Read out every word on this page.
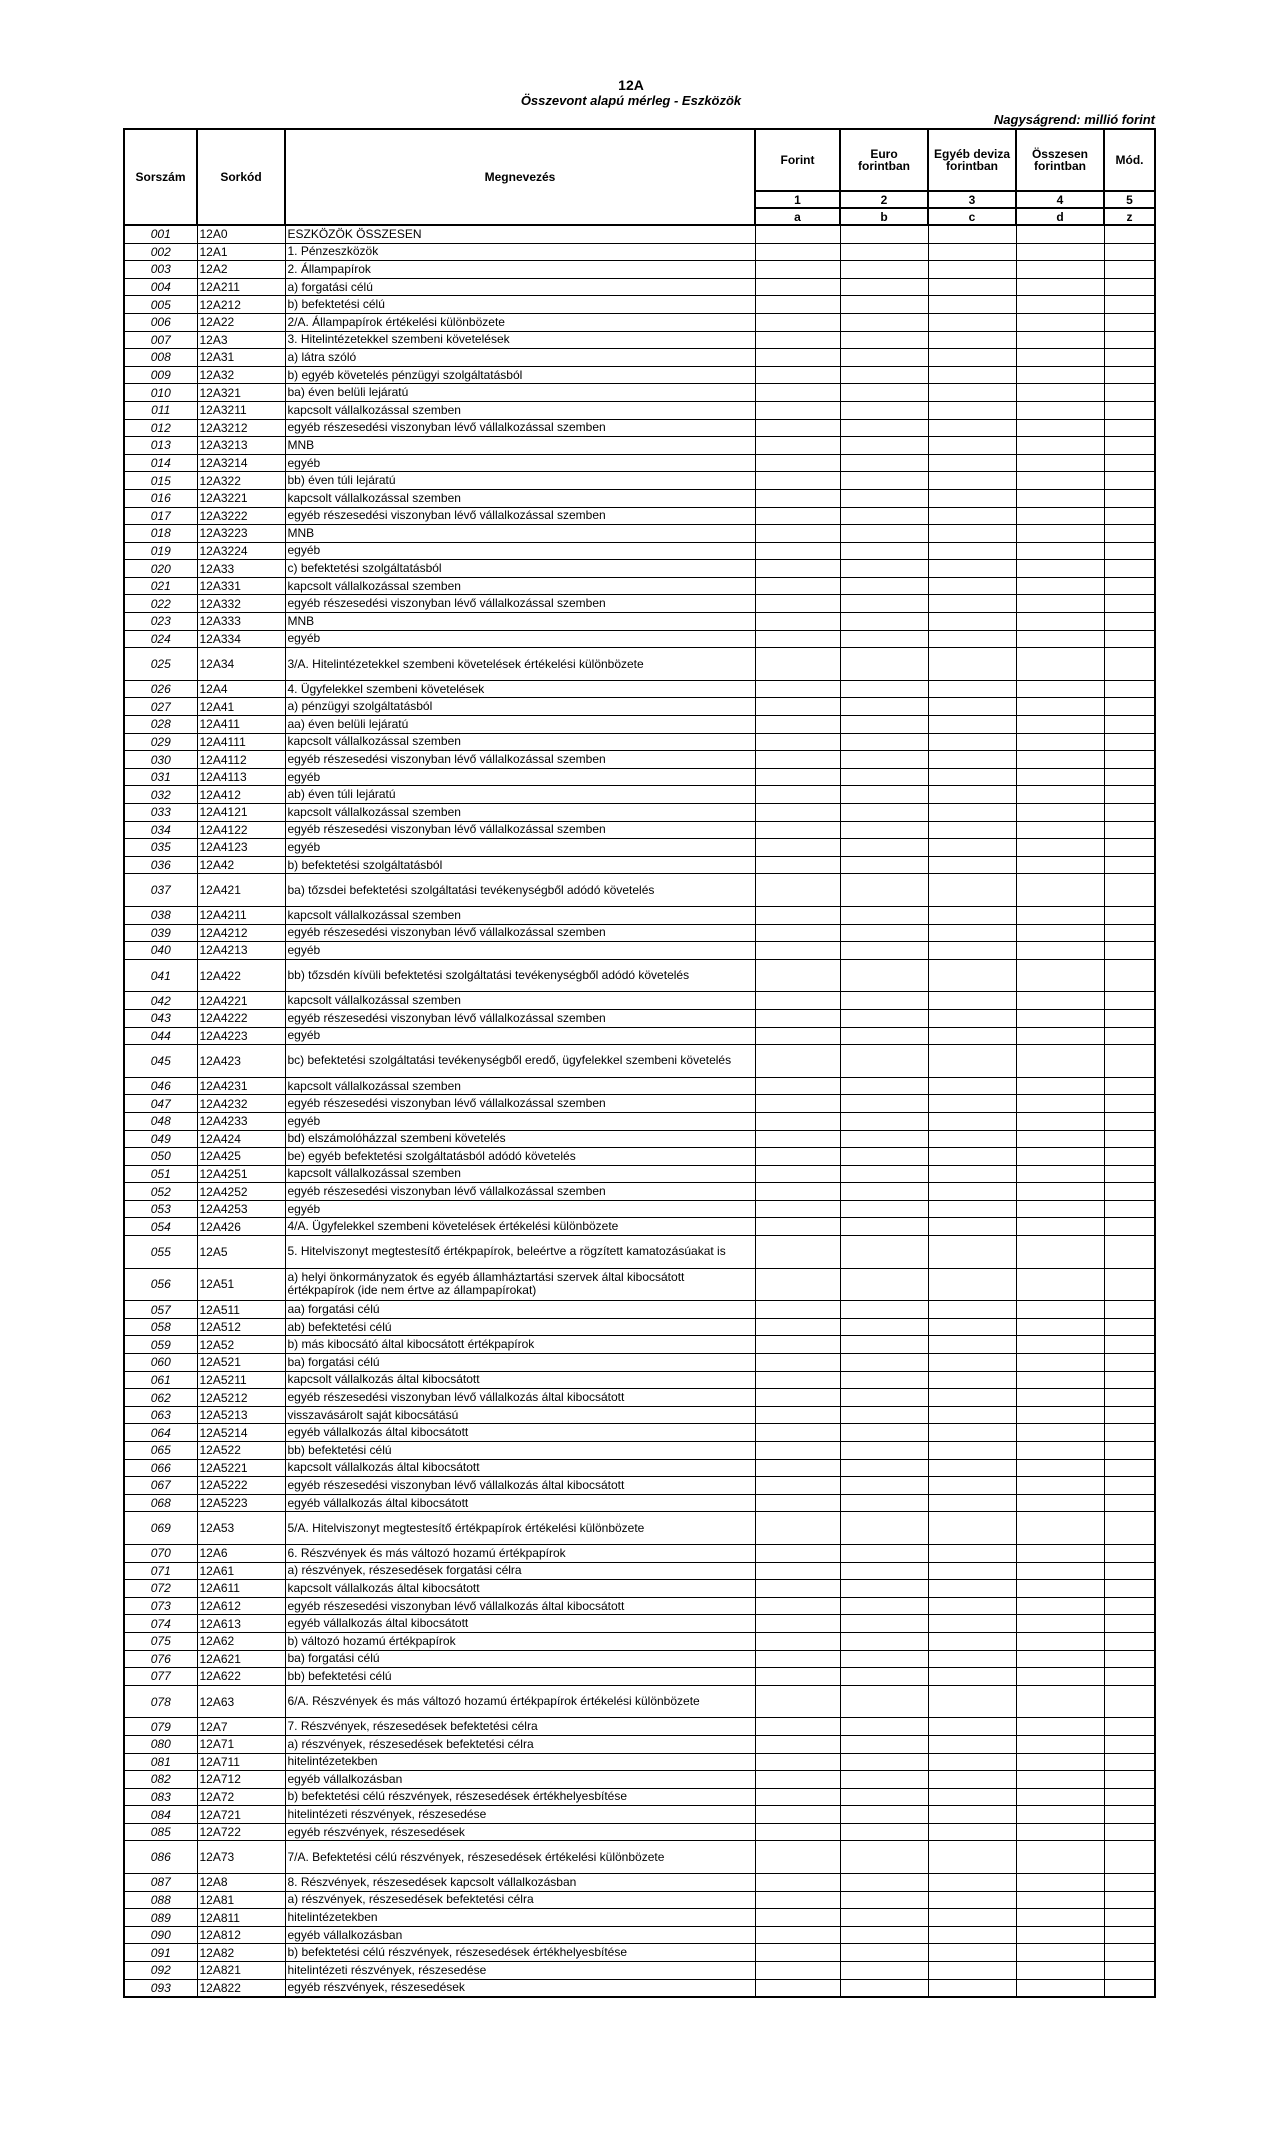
12A
Összevont alapú mérleg - Eszközök
Nagyságrend: millió forint
Sorszám	Sorkód	Megnevezés	Forint	Euro forintban	Egyéb deviza forintban	Összesen forintban	Mód.
			1	2	3	4	5
			a	b	c	d	z
001	12A0	ESZKÖZÖK ÖSSZESEN					
002	12A1	1. Pénzeszközök					
003	12A2	2. Állampapírok					
004	12A211	a) forgatási célú					
005	12A212	b) befektetési célú					
006	12A22	2/A. Állampapírok értékelési különbözete					
007	12A3	3. Hitelintézetekkel szembeni követelések					
008	12A31	a) látra szóló					
009	12A32	b) egyéb követelés pénzügyi szolgáltatásból					
010	12A321	ba) éven belüli lejáratú					
011	12A3211	kapcsolt vállalkozással szemben					
012	12A3212	egyéb részesedési viszonyban lévő vállalkozással szemben					
013	12A3213	MNB					
014	12A3214	egyéb					
015	12A322	bb) éven túli lejáratú					
016	12A3221	kapcsolt vállalkozással szemben					
017	12A3222	egyéb részesedési viszonyban lévő vállalkozással szemben					
018	12A3223	MNB					
019	12A3224	egyéb					
020	12A33	c) befektetési szolgáltatásból					
021	12A331	kapcsolt vállalkozással szemben					
022	12A332	egyéb részesedési viszonyban lévő vállalkozással szemben					
023	12A333	MNB					
024	12A334	egyéb					
025	12A34	3/A. Hitelintézetekkel szembeni követelések értékelési különbözete					
026	12A4	4. Ügyfelekkel szembeni követelések					
027	12A41	a) pénzügyi szolgáltatásból					
028	12A411	aa) éven belüli lejáratú					
029	12A4111	kapcsolt vállalkozással szemben					
030	12A4112	egyéb részesedési viszonyban lévő vállalkozással szemben					
031	12A4113	egyéb					
032	12A412	ab) éven túli lejáratú					
033	12A4121	kapcsolt vállalkozással szemben					
034	12A4122	egyéb részesedési viszonyban lévő vállalkozással szemben					
035	12A4123	egyéb					
036	12A42	b) befektetési szolgáltatásból					
037	12A421	ba) tőzsdei befektetési szolgáltatási tevékenységből adódó követelés					
038	12A4211	kapcsolt vállalkozással szemben					
039	12A4212	egyéb részesedési viszonyban lévő vállalkozással szemben					
040	12A4213	egyéb					
041	12A422	bb) tőzsdén kívüli befektetési szolgáltatási tevékenységből adódó követelés					
042	12A4221	kapcsolt vállalkozással szemben					
043	12A4222	egyéb részesedési viszonyban lévő vállalkozással szemben					
044	12A4223	egyéb					
045	12A423	bc) befektetési szolgáltatási tevékenységből eredő, ügyfelekkel szembeni követelés					
046	12A4231	kapcsolt vállalkozással szemben					
047	12A4232	egyéb részesedési viszonyban lévő vállalkozással szemben					
048	12A4233	egyéb					
049	12A424	bd) elszámolóházzal szembeni követelés					
050	12A425	be) egyéb befektetési szolgáltatásból adódó követelés					
051	12A4251	kapcsolt vállalkozással szemben					
052	12A4252	egyéb részesedési viszonyban lévő vállalkozással szemben					
053	12A4253	egyéb					
054	12A426	4/A. Ügyfelekkel szembeni követelések értékelési különbözete					
055	12A5	5. Hitelviszonyt megtestesítő értékpapírok, beleértve a rögzített kamatozásúakat is					
056	12A51	a) helyi önkormányzatok és egyéb államháztartási szervek által kibocsátott értékpapírok (ide nem értve az állampapírokat)					
057	12A511	aa) forgatási célú					
058	12A512	ab) befektetési célú					
059	12A52	b) más kibocsátó által kibocsátott értékpapírok					
060	12A521	ba) forgatási célú					
061	12A5211	kapcsolt vállalkozás által kibocsátott					
062	12A5212	egyéb részesedési viszonyban lévő vállalkozás által kibocsátott					
063	12A5213	visszavásárolt saját kibocsátású					
064	12A5214	egyéb vállalkozás által kibocsátott					
065	12A522	bb) befektetési célú					
066	12A5221	kapcsolt vállalkozás által kibocsátott					
067	12A5222	egyéb részesedési viszonyban lévő vállalkozás által kibocsátott					
068	12A5223	egyéb vállalkozás által kibocsátott					
069	12A53	5/A. Hitelviszonyt megtestesítő értékpapírok értékelési különbözete					
070	12A6	6. Részvények és más változó hozamú értékpapírok					
071	12A61	a) részvények, részesedések forgatási célra					
072	12A611	kapcsolt vállalkozás által kibocsátott					
073	12A612	egyéb részesedési viszonyban lévő vállalkozás által kibocsátott					
074	12A613	egyéb vállalkozás által kibocsátott					
075	12A62	b) változó hozamú értékpapírok					
076	12A621	ba) forgatási célú					
077	12A622	bb) befektetési célú					
078	12A63	6/A. Részvények és más változó hozamú értékpapírok értékelési különbözete					
079	12A7	7. Részvények, részesedések befektetési célra					
080	12A71	a) részvények, részesedések befektetési célra					
081	12A711	hitelintézetekben					
082	12A712	egyéb vállalkozásban					
083	12A72	b) befektetési célú részvények, részesedések értékhelyesbítése					
084	12A721	hitelintézeti részvények, részesedése					
085	12A722	egyéb részvények, részesedések					
086	12A73	7/A. Befektetési célú részvények, részesedések értékelési különbözete					
087	12A8	8. Részvények, részesedések kapcsolt vállalkozásban					
088	12A81	a) részvények, részesedések befektetési célra					
089	12A811	hitelintézetekben					
090	12A812	egyéb vállalkozásban					
091	12A82	b) befektetési célú részvények, részesedések értékhelyesbítése					
092	12A821	hitelintézeti részvények, részesedése					
093	12A822	egyéb részvények, részesedések					
